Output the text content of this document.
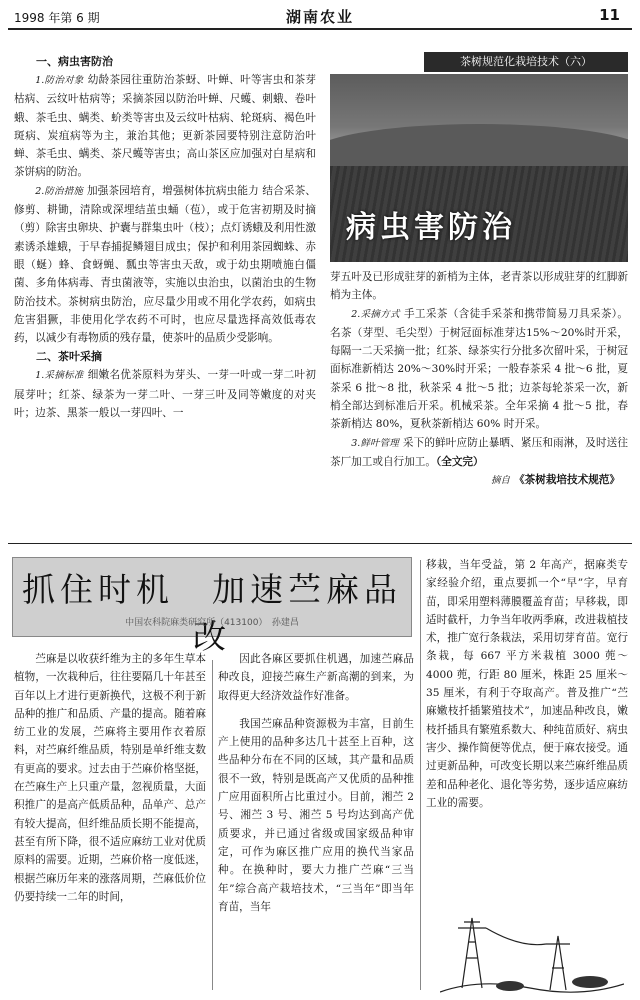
1998 年第 6 期	湖南农业	11
茶树规范化栽培技术（六）
病虫害防治
一、病虫害防治

1.防治对象 幼龄茶园往重防治茶蚜、叶蝉、叶等害虫和茶芽枯病、云纹叶枯病等；采摘茶园以防治叶蝉、尺蠖、刺蛾、卷叶蛾、茶毛虫、螨类、蚧类等害虫及云纹叶枯病、轮斑病、褐色叶斑病、炭疽病等为主，兼治其他；更新茶园要特别注意防治叶蝉、茶毛虫、螨类、茶尺蠖等害虫；高山茶区应加强对白星病和茶饼病的防治。

2.防治措施 加强茶园培育，增强树体抗病虫能力 结合采茶、修剪、耕锄，清除或深埋结茧虫蛹（苞），或于危害初期及时摘（剪）除害虫卵块、护囊与群集虫叶（枝）；点灯诱蛾及利用性激素诱杀雄蛾，于早春捕捉鳞翅目成虫；保护和利用茶园蜘蛛、赤眼（蜒）蜂、食蚜蝇、瓢虫等害虫天敌，或于幼虫期喷施白僵菌、多角体病毒、青虫菌液等，实施以虫治虫，以菌治虫的生物防治技术。茶树病虫防治，应尽量少用或不用化学农药，如病虫危害猖獗，非使用化学农药不可时，也应尽量选择高效低毒农药，以减少有毒物质的残存量，使茶叶的品质少受影响。

二、茶叶采摘

1.采摘标准 细嫩名优茶原料为芽头、一芽一叶或一芽二叶初展芽叶；红茶、绿茶为一芽二叶、一芽三叶及同等嫩度的对夹叶；边茶、黑茶一般以一芽四叶、一

芽五叶及已形成驻芽的新梢为主体，老青茶以形成驻芽的红脚新梢为主体。

2.采摘方式 手工采茶（含徒手采茶和携带简易刀具采茶）。名茶（芽型、毛尖型）于树冠面标准芽达15%～20%时开采，每隔一二天采摘一批；红茶、绿茶实行分批多次留叶采，于树冠面标准新梢达 20%～30%时开采；一般春茶采 4 批～6 批，夏茶采 6 批～8 批，秋茶采 4 批～5 批；边茶每轮茶采一次，新梢全部达到标准后开采。机械采茶。全年采摘 4 批～5 批，春茶新梢达 80%，夏秋茶新梢达 60% 时开采。

3.鲜叶管理 采下的鲜叶应防止暴晒、紧压和雨淋，及时送往茶厂加工或自行加工。（全文完）

摘自 《茶树栽培技术规范》

抓住时机　加速苎麻品改
中国农科院麻类研究所（413100）　孙建昌

苎麻是以收获纤维为主的多年生草本植物，一次栽种后，往往要隔几十年甚至百年以上才进行更新换代，这极不利于新品种的推广和品质、产量的提高。随着麻纺工业的发展，苎麻将主要用作衣着原料，对苎麻纤维品质，特别是单纤维支数有更高的要求。过去由于苎麻价格坚挺，在苎麻生产上只重产量，忽视质量，大面积推广的是高产低质品种，品单产、总产有较大提高，但纤维品质长期不能提高，甚至有所下降，很不适应麻纺工业对优质原料的需要。近期，苎麻价格一度低迷，根据苎麻历年来的涨落周期，苎麻低价位仍要持续一二年的时间，

因此各麻区要抓住机遇，加速苎麻品种改良，迎接苎麻生产新高潮的到来，为取得更大经济效益作好准备。

我国苎麻品种资源极为丰富，目前生产上使用的品种多达几十甚至上百种，这些品种分布在不同的区域，其产量和品质很不一致，特别是既高产又优质的品种推广应用面积所占比重过小。目前，湘苎 2 号、湘苎 3 号、湘苎 5 号均达到高产优质要求，并已通过省级或国家级品种审定，可作为麻区推广应用的换代当家品种。在换种时，要大力推广苎麻“三当年”综合高产栽培技术，“三当年”即当年育苗，当年

移栽，当年受益，第 2 年高产，据麻类专家经验介绍，重点要抓一个“早”字，早育苗，即采用塑料薄膜覆盖育苗；早移栽，即适时截杆，力争当年收两季麻，改进栽植技术，推广宽行条栽法，采用切芽育苗。宽行条栽，每 667 平方米栽植 3000 蔸～4000 蔸，行距 80 厘米，株距 25 厘米～35 厘米，有利于夺取高产。普及推广“苎麻嫩枝扦插繁殖技术”，加速品种改良，嫩枝扦插具有繁殖系数大、种纯苗质好、病虫害少、操作简便等优点，便于麻农接受。通过更新品种，可改变长期以来苎麻纤维品质差和品种老化、退化等劣势，逐步适应麻纺工业的需要。
